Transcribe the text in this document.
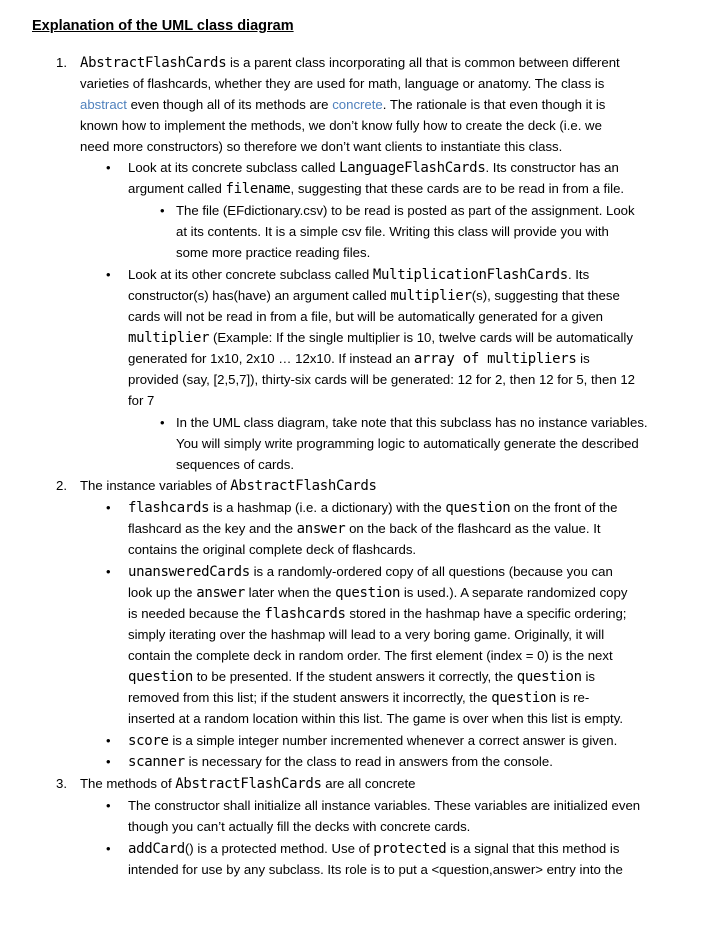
Explanation of the UML class diagram
1. AbstractFlashCards is a parent class incorporating all that is common between different
varieties of flashcards, whether they are used for math, language or anatomy. The class is
abstract even though all of its methods are concrete. The rationale is that even though it is
known how to implement the methods, we don’t know fully how to create the deck (i.e. we
need more constructors) so therefore we don’t want clients to instantiate this class.
• Look at its concrete subclass called LanguageFlashCards. Its constructor has an
argument called filename, suggesting that these cards are to be read in from a file.
• The file (EFdictionary.csv) to be read is posted as part of the assignment. Look
at its contents. It is a simple csv file. Writing this class will provide you with
some more practice reading files.
• Look at its other concrete subclass called MultiplicationFlashCards. Its
constructor(s) has(have) an argument called multiplier(s), suggesting that these
cards will not be read in from a file, but will be automatically generated for a given
multiplier (Example: If the single multiplier is 10, twelve cards will be automatically
generated for 1x10, 2x10 … 12x10. If instead an array of multipliers is
provided (say, [2,5,7]), thirty-six cards will be generated: 12 for 2, then 12 for 5, then 12
for 7
• In the UML class diagram, take note that this subclass has no instance variables.
You will simply write programming logic to automatically generate the described
sequences of cards.
2. The instance variables of AbstractFlashCards
• flashcards is a hashmap (i.e. a dictionary) with the question on the front of the
flashcard as the key and the answer on the back of the flashcard as the value. It
contains the original complete deck of flashcards.
• unansweredCards is a randomly-ordered copy of all questions (because you can
look up the answer later when the question is used.). A separate randomized copy
is needed because the flashcards stored in the hashmap have a specific ordering;
simply iterating over the hashmap will lead to a very boring game. Originally, it will
contain the complete deck in random order. The first element (index = 0) is the next
question to be presented. If the student answers it correctly, the question is
removed from this list; if the student answers it incorrectly, the question is re-
inserted at a random location within this list. The game is over when this list is empty.
• score is a simple integer number incremented whenever a correct answer is given.
• scanner is necessary for the class to read in answers from the console.
3. The methods of AbstractFlashCards are all concrete
• The constructor shall initialize all instance variables. These variables are initialized even
though you can’t actually fill the decks with concrete cards.
• addCard() is a protected method. Use of protected is a signal that this method is
intended for use by any subclass. Its role is to put a <question,answer> entry into the
